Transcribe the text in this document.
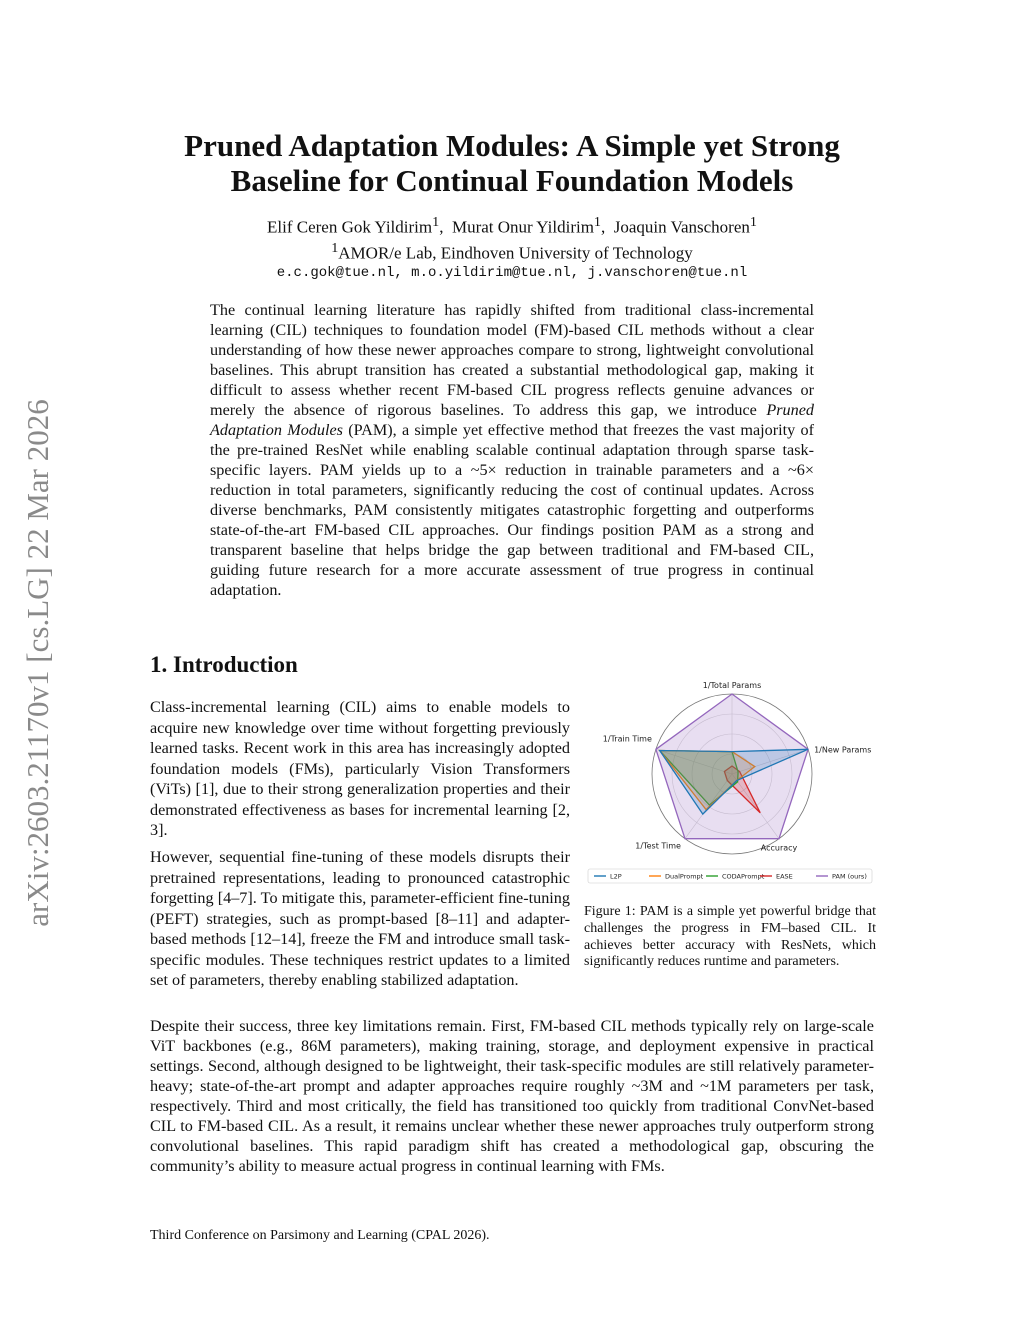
arXiv:2603.21170v1 [cs.LG] 22 Mar 2026
Pruned Adaptation Modules: A Simple yet Strong
Baseline for Continual Foundation Models
Elif Ceren Gok Yildirim$^1$,  Murat Onur Yildirim$^1$,  Joaquin Vanschoren$^1$
$^1$AMOR/e Lab, Eindhoven University of Technology
e.c.gok@tue.nl, m.o.yildirim@tue.nl, j.vanschoren@tue.nl

The continual learning literature has rapidly shifted from traditional class-incremental learning (CIL) techniques to foundation model (FM)-based CIL methods without a clear understanding of how these newer approaches compare to strong, lightweight convolutional baselines. This abrupt transition has created a substantial methodological gap, making it difficult to assess whether recent FM-based CIL progress reflects genuine advances or merely the absence of rigorous baselines. To address this gap, we introduce Pruned Adaptation Modules (PAM), a simple yet effective method that freezes the vast majority of the pre-trained ResNet while enabling scalable continual adaptation through sparse task-specific layers. PAM yields up to a ~5× reduction in trainable parameters and a ~6× reduction in total parameters, significantly reducing the cost of continual updates. Across diverse benchmarks, PAM consistently mitigates catastrophic forgetting and outperforms state-of-the-art FM-based CIL approaches. Our findings position PAM as a strong and transparent baseline that helps bridge the gap between traditional and FM-based CIL, guiding future research for a more accurate assessment of true progress in continual adaptation.

1. Introduction

Class-incremental learning (CIL) aims to enable models to acquire new knowledge over time without forgetting previously learned tasks. Recent work in this area has increasingly adopted foundation models (FMs), particularly Vision Transformers (ViTs) [1], due to their strong generalization properties and their demonstrated effectiveness as bases for incremental learning [2, 3].

However, sequential fine-tuning of these models disrupts their pretrained representations, leading to pronounced catastrophic forgetting [4–7]. To mitigate this, parameter-efficient fine-tuning (PEFT) strategies, such as prompt-based [8–11] and adapter-based methods [12–14], freeze the FM and introduce small task-specific modules. These techniques restrict updates to a limited set of parameters, thereby enabling stabilized adaptation.

1/Total Params
1/New Params
Accuracy
1/Test Time
1/Train Time
L2P	DualPrompt	CODAPrompt EASE	PAM (ours)

Figure 1: PAM is a simple yet powerful bridge that challenges the progress in FM–based CIL. It achieves better accuracy with ResNets, which significantly reduces runtime and parameters.

Despite their success, three key limitations remain. First, FM-based CIL methods typically rely on large-scale ViT backbones (e.g., 86M parameters), making training, storage, and deployment expensive in practical settings. Second, although designed to be lightweight, their task-specific modules are still relatively parameter-heavy; state-of-the-art prompt and adapter approaches require roughly ~3M and ~1M parameters per task, respectively. Third and most critically, the field has transitioned too quickly from traditional ConvNet-based CIL to FM-based CIL. As a result, it remains unclear whether these newer approaches truly outperform strong convolutional baselines. This rapid paradigm shift has created a methodological gap, obscuring the community’s ability to measure actual progress in continual learning with FMs.

Third Conference on Parsimony and Learning (CPAL 2026).
